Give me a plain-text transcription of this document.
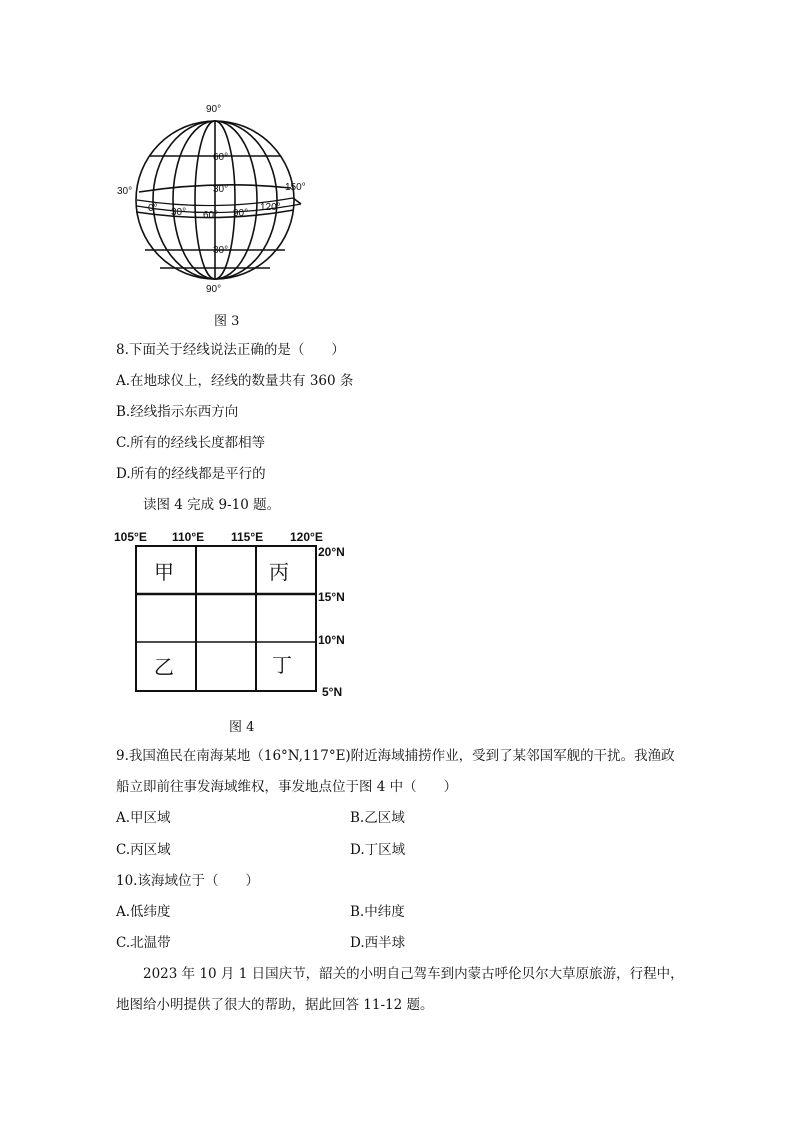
90°
90°
60°
30°
30°
30°	150°
0° 30° 60° 90°
120°
图 3
8.下面关于经线说法正确的是（　　）
A.在地球仪上，经线的数量共有 360 条
B.经线指示东西方向
C.所有的经线长度都相等
D.所有的经线都是平行的
读图 4 完成 9-10 题。
105°E 110°E 115°E 120°E
20°N
15°N
10°N
5°N
甲	丙
乙	丁
图 4
9.我国渔民在南海某地（16°N,117°E)附近海域捕捞作业，受到了某邻国军舰的干扰。我渔政
船立即前往事发海域维权，事发地点位于图 4 中（　　）
A.甲区域	B.乙区域
C.丙区域	D.丁区域
10.该海域位于（　　）
A.低纬度	B.中纬度
C.北温带	D.西半球
2023 年 10 月 1 日国庆节，韶关的小明自己驾车到内蒙古呼伦贝尔大草原旅游，行程中，
地图给小明提供了很大的帮助，据此回答 11-12 题。
